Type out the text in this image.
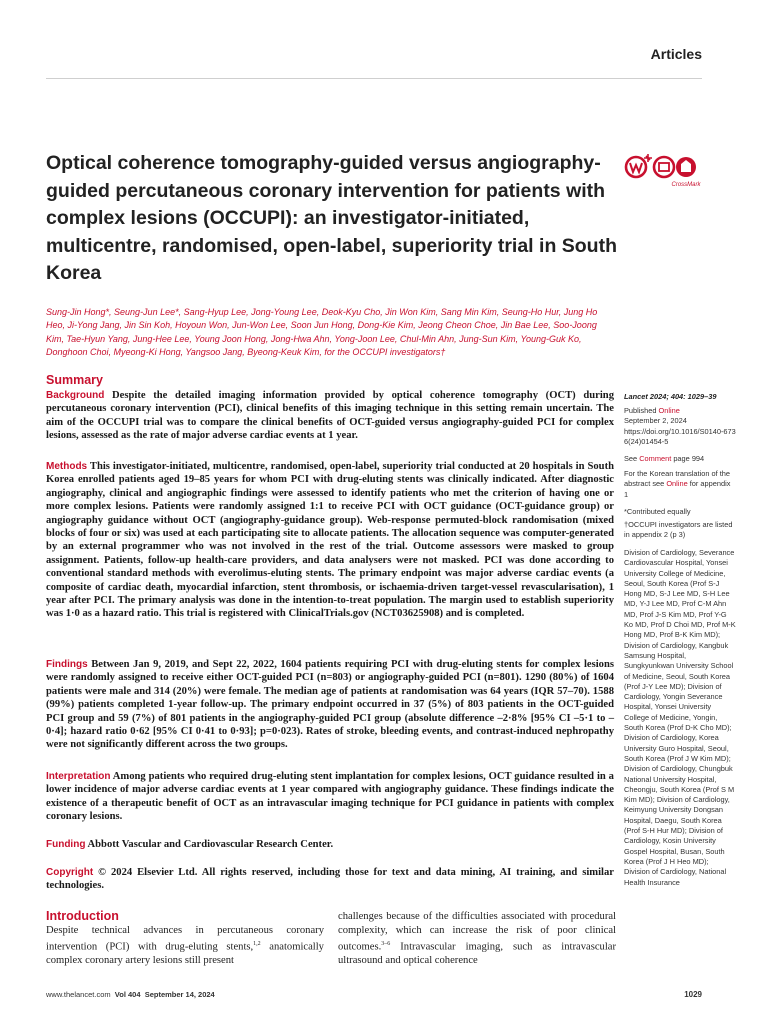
Articles
Optical coherence tomography-guided versus angiography-guided percutaneous coronary intervention for patients with complex lesions (OCCUPI): an investigator-initiated, multicentre, randomised, open-label, superiority trial in South Korea
CrossMark
Sung-Jin Hong*, Seung-Jun Lee*, Sang-Hyup Lee, Jong-Young Lee, Deok-Kyu Cho, Jin Won Kim, Sang Min Kim, Seung-Ho Hur, Jung Ho Heo, Ji-Yong Jang, Jin Sin Koh, Hoyoun Won, Jun-Won Lee, Soon Jun Hong, Dong-Kie Kim, Jeong Cheon Choe, Jin Bae Lee, Soo-Joong Kim, Tae-Hyun Yang, Jung-Hee Lee, Young Joon Hong, Jong-Hwa Ahn, Yong-Joon Lee, Chul-Min Ahn, Jung-Sun Kim, Young-Guk Ko, Donghoon Choi, Myeong-Ki Hong, Yangsoo Jang, Byeong-Keuk Kim, for the OCCUPI investigators†
Summary
Background Despite the detailed imaging information provided by optical coherence tomography (OCT) during percutaneous coronary intervention (PCI), clinical benefits of this imaging technique in this setting remain uncertain. The aim of the OCCUPI trial was to compare the clinical benefits of OCT-guided versus angiography-guided PCI for complex lesions, assessed as the rate of major adverse cardiac events at 1 year.
Methods This investigator-initiated, multicentre, randomised, open-label, superiority trial conducted at 20 hospitals in South Korea enrolled patients aged 19–85 years for whom PCI with drug-eluting stents was clinically indicated. After diagnostic angiography, clinical and angiographic findings were assessed to identify patients who met the criterion of having one or more complex lesions. Patients were randomly assigned 1:1 to receive PCI with OCT guidance (OCT-guidance group) or angiography guidance without OCT (angiography-guidance group). Web-response permuted-block randomisation (mixed blocks of four or six) was used at each participating site to allocate patients. The allocation sequence was computer-generated by an external programmer who was not involved in the rest of the trial. Outcome assessors were masked to group assignment. Patients, follow-up health-care providers, and data analysers were not masked. PCI was done according to conventional standard methods with everolimus-eluting stents. The primary endpoint was major adverse cardiac events (a composite of cardiac death, myocardial infarction, stent thrombosis, or ischaemia-driven target-vessel revascularisation), 1 year after PCI. The primary analysis was done in the intention-to-treat population. The margin used to establish superiority was 1·0 as a hazard ratio. This trial is registered with ClinicalTrials.gov (NCT03625908) and is completed.
Findings Between Jan 9, 2019, and Sept 22, 2022, 1604 patients requiring PCI with drug-eluting stents for complex lesions were randomly assigned to receive either OCT-guided PCI (n=803) or angiography-guided PCI (n=801). 1290 (80%) of 1604 patients were male and 314 (20%) were female. The median age of patients at randomisation was 64 years (IQR 57–70). 1588 (99%) patients completed 1-year follow-up. The primary endpoint occurred in 37 (5%) of 803 patients in the OCT-guided PCI group and 59 (7%) of 801 patients in the angiography-guided PCI group (absolute difference –2·8% [95% CI –5·1 to –0·4]; hazard ratio 0·62 [95% CI 0·41 to 0·93]; p=0·023). Rates of stroke, bleeding events, and contrast-induced nephropathy were not significantly different across the two groups.
Interpretation Among patients who required drug-eluting stent implantation for complex lesions, OCT guidance resulted in a lower incidence of major adverse cardiac events at 1 year compared with angiography guidance. These findings indicate the existence of a therapeutic benefit of OCT as an intravascular imaging technique for PCI guidance in patients with complex coronary lesions.
Funding Abbott Vascular and Cardiovascular Research Center.
Copyright © 2024 Elsevier Ltd. All rights reserved, including those for text and data mining, AI training, and similar technologies.
Lancet 2024; 404: 1029–39
Published Online
September 2, 2024
https://doi.org/10.1016/S0140-6736(24)01454-5
See Comment page 994
For the Korean translation of the abstract see Online for appendix 1
*Contributed equally
†OCCUPI investigators are listed in appendix 2 (p 3)
Division of Cardiology, Severance Cardiovascular Hospital, Yonsei University College of Medicine, Seoul, South Korea (Prof S-J Hong MD, S-J Lee MD, S-H Lee MD, Y-J Lee MD, Prof C-M Ahn MD, Prof J-S Kim MD, Prof Y-G Ko MD, Prof D Choi MD, Prof M-K Hong MD, Prof B-K Kim MD); Division of Cardiology, Kangbuk Samsung Hospital, Sungkyunkwan University School of Medicine, Seoul, South Korea (Prof J-Y Lee MD); Division of Cardiology, Yongin Severance Hospital, Yonsei University College of Medicine, Yongin, South Korea (Prof D-K Cho MD); Division of Cardiology, Korea University Guro Hospital, Seoul, South Korea (Prof J W Kim MD); Division of Cardiology, Chungbuk National University Hospital, Cheongju, South Korea (Prof S M Kim MD); Division of Cardiology, Keimyung University Dongsan Hospital, Daegu, South Korea (Prof S-H Hur MD); Division of Cardiology, Kosin University Gospel Hospital, Busan, South Korea (Prof J H Heo MD); Division of Cardiology, National Health Insurance
Introduction
Despite technical advances in percutaneous coronary intervention (PCI) with drug-eluting stents,$^{1,2}$ anatomically complex coronary artery lesions still present
challenges because of the difficulties associated with procedural complexity, which can increase the risk of poor clinical outcomes.$^{3-6}$ Intravascular imaging, such as intravascular ultrasound and optical coherence
www.thelancet.com Vol 404 September 14, 2024	1029
